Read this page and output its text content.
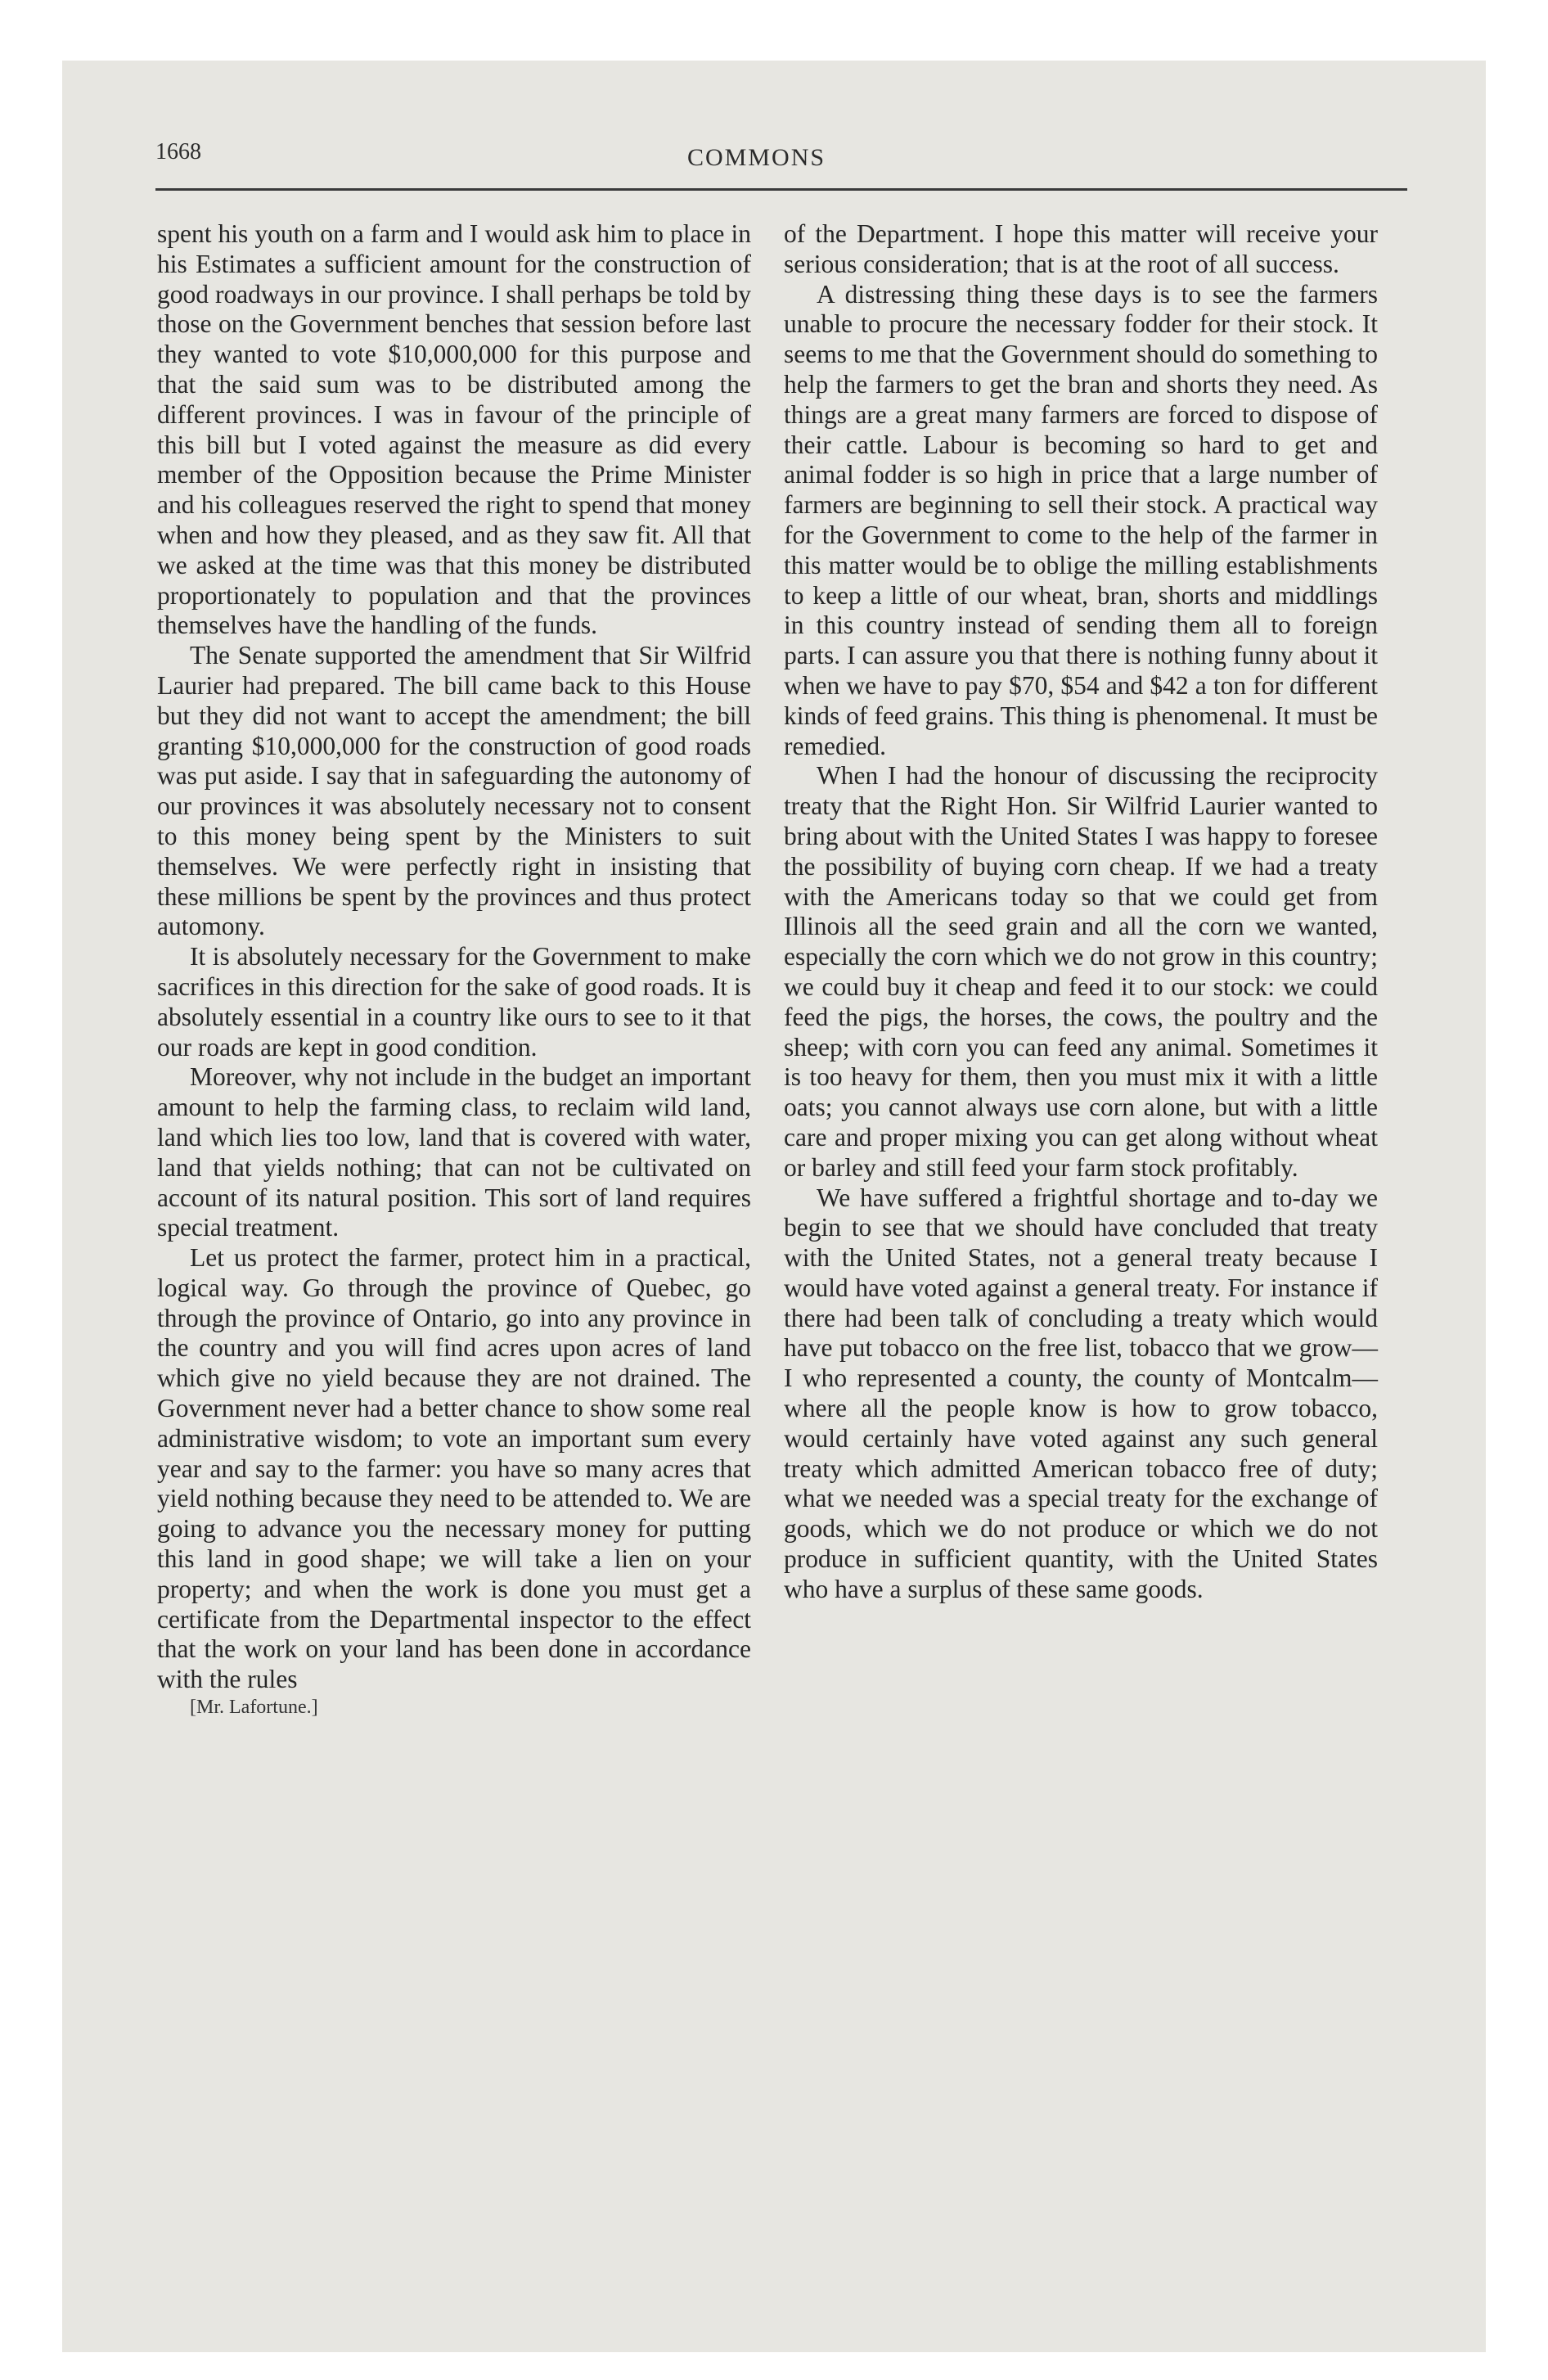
1668	COMMONS

spent his youth on a farm and I would ask him to place in his Estimates a sufficient amount for the construction of good roadways in our province. I shall perhaps be told by those on the Government benches that session before last they wanted to vote $10,000,000 for this purpose and that the said sum was to be distributed among the different provinces. I was in favour of the principle of this bill but I voted against the measure as did every member of the Opposition because the Prime Minister and his colleagues reserved the right to spend that money when and how they pleased, and as they saw fit. All that we asked at the time was that this money be distributed proportionately to population and that the provinces themselves have the handling of the funds.

The Senate supported the amendment that Sir Wilfrid Laurier had prepared. The bill came back to this House but they did not want to accept the amendment; the bill granting $10,000,000 for the construction of good roads was put aside. I say that in safeguarding the autonomy of our provinces it was absolutely necessary not to consent to this money being spent by the Ministers to suit themselves. We were perfectly right in insisting that these millions be spent by the provinces and thus protect automony.

It is absolutely necessary for the Government to make sacrifices in this direction for the sake of good roads. It is absolutely essential in a country like ours to see to it that our roads are kept in good condition.

Moreover, why not include in the budget an important amount to help the farming class, to reclaim wild land, land which lies too low, land that is covered with water, land that yields nothing; that can not be cultivated on account of its natural position. This sort of land requires special treatment.

Let us protect the farmer, protect him in a practical, logical way. Go through the province of Quebec, go through the province of Ontario, go into any province in the country and you will find acres upon acres of land which give no yield because they are not drained. The Government never had a better chance to show some real administrative wisdom; to vote an important sum every year and say to the farmer: you have so many acres that yield nothing because they need to be attended to. We are going to advance you the necessary money for putting this land in good shape; we will take a lien on your property; and when the work is done you must get a certificate from the Departmental inspector to the effect that the work on your land has been done in accordance with the rules

[Mr. Lafortune.]

of the Department. I hope this matter will receive your serious consideration; that is at the root of all success.

A distressing thing these days is to see the farmers unable to procure the necessary fodder for their stock. It seems to me that the Government should do something to help the farmers to get the bran and shorts they need. As things are a great many farmers are forced to dispose of their cattle. Labour is becoming so hard to get and animal fodder is so high in price that a large number of farmers are beginning to sell their stock. A practical way for the Government to come to the help of the farmer in this matter would be to oblige the milling establishments to keep a little of our wheat, bran, shorts and middlings in this country instead of sending them all to foreign parts. I can assure you that there is nothing funny about it when we have to pay $70, $54 and $42 a ton for different kinds of feed grains. This thing is phenomenal. It must be remedied.

When I had the honour of discussing the reciprocity treaty that the Right Hon. Sir Wilfrid Laurier wanted to bring about with the United States I was happy to foresee the possibility of buying corn cheap. If we had a treaty with the Americans today so that we could get from Illinois all the seed grain and all the corn we wanted, especially the corn which we do not grow in this country; we could buy it cheap and feed it to our stock: we could feed the pigs, the horses, the cows, the poultry and the sheep; with corn you can feed any animal. Sometimes it is too heavy for them, then you must mix it with a little oats; you cannot always use corn alone, but with a little care and proper mixing you can get along without wheat or barley and still feed your farm stock profitably.

We have suffered a frightful shortage and to-day we begin to see that we should have concluded that treaty with the United States, not a general treaty because I would have voted against a general treaty. For instance if there had been talk of concluding a treaty which would have put tobacco on the free list, tobacco that we grow—I who represented a county, the county of Montcalm—where all the people know is how to grow tobacco, would certainly have voted against any such general treaty which admitted American tobacco free of duty; what we needed was a special treaty for the exchange of goods, which we do not produce or which we do not produce in sufficient quantity, with the United States who have a surplus of these same goods.
